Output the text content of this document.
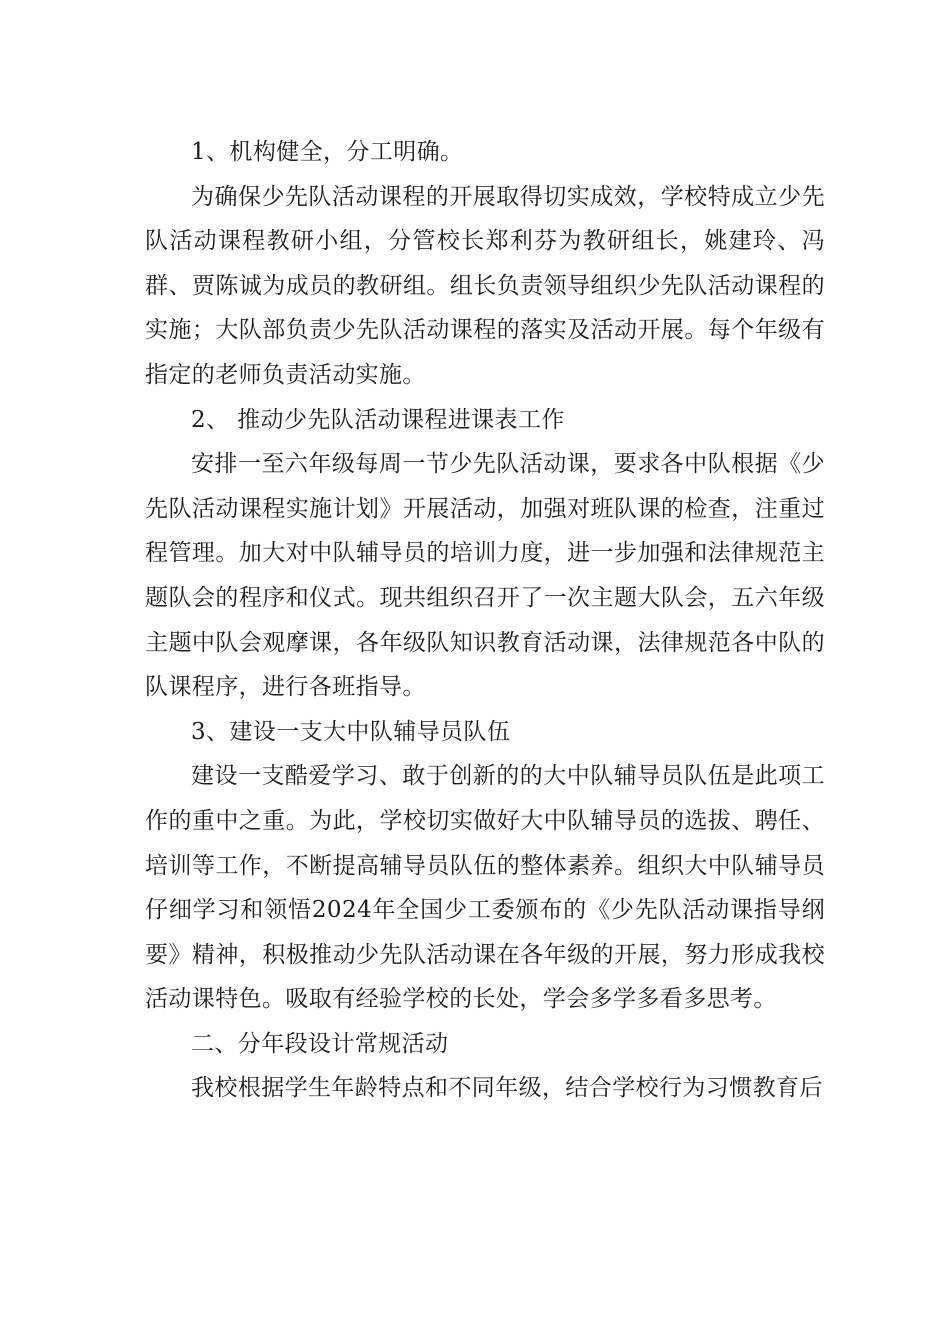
1、机构健全，分工明确。

为确保少先队活动课程的开展取得切实成效，学校特成立少先队活动课程教研小组，分管校长郑利芬为教研组长，姚建玲、冯群、贾陈诚为成员的教研组。组长负责领导组织少先队活动课程的实施；大队部负责少先队活动课程的落实及活动开展。每个年级有指定的老师负责活动实施。

2、 推动少先队活动课程进课表工作

安排一至六年级每周一节少先队活动课，要求各中队根据《少先队活动课程实施计划》开展活动，加强对班队课的检查，注重过程管理。加大对中队辅导员的培训力度，进一步加强和法律规范主题队会的程序和仪式。现共组织召开了一次主题大队会，五六年级主题中队会观摩课，各年级队知识教育活动课，法律规范各中队的队课程序，进行各班指导。

3、建设一支大中队辅导员队伍

建设一支酷爱学习、敢于创新的的大中队辅导员队伍是此项工作的重中之重。为此，学校切实做好大中队辅导员的选拔、聘任、培训等工作，不断提高辅导员队伍的整体素养。组织大中队辅导员仔细学习和领悟2024年全国少工委颁布的《少先队活动课指导纲要》精神，积极推动少先队活动课在各年级的开展，努力形成我校活动课特色。吸取有经验学校的长处，学会多学多看多思考。

二、分年段设计常规活动

我校根据学生年龄特点和不同年级，结合学校行为习惯教育后
